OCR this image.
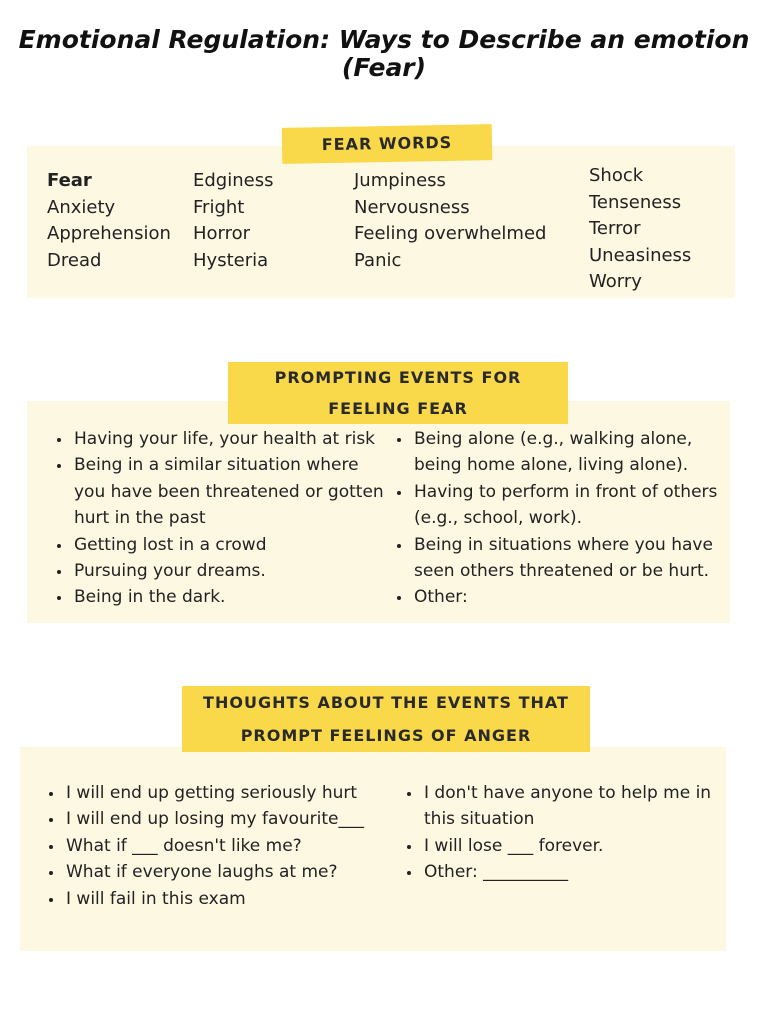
Emotional Regulation: Ways to Describe an emotion
(Fear)
FEAR WORDS
Fear
Anxiety
Apprehension
Dread
Edginess
Fright
Horror
Hysteria
Jumpiness
Nervousness
Feeling overwhelmed
Panic
Shock
Tenseness
Terror
Uneasiness
Worry
PROMPTING EVENTS FOR
FEELING FEAR
• Having your life, your health at risk
• Being in a similar situation where you have been threatened or gotten hurt in the past
• Getting lost in a crowd
• Pursuing your dreams.
• Being in the dark.
• Being alone (e.g., walking alone, being home alone, living alone).
• Having to perform in front of others (e.g., school, work).
• Being in situations where you have seen others threatened or be hurt.
• Other:
THOUGHTS ABOUT THE EVENTS THAT
PROMPT FEELINGS OF ANGER
• I will end up getting seriously hurt
• I will end up losing my favourite___
• What if ___ doesn't like me?
• What if everyone laughs at me?
• I will fail in this exam
• I don't have anyone to help me in this situation
• I will lose ___ forever.
• Other: __________
